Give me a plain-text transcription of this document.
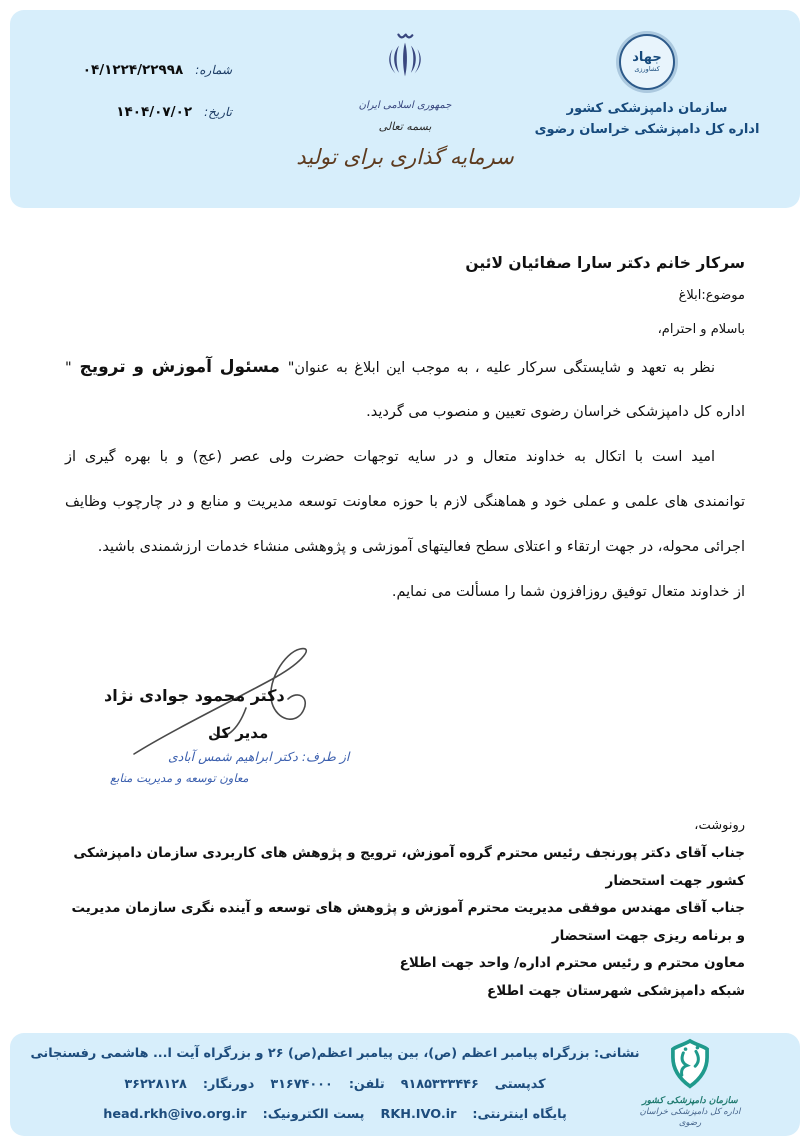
شماره:
۰۴/۱۲۲۴/۲۲۹۹۸
تاریخ:
۱۴۰۴/۰۷/۰۲	جمهوری اسلامی ایران
بسمه تعالی
سرمایه گذاری برای تولید
جهاد
کشاورزی
سازمان دامپزشکی کشور
اداره کل دامپزشکی خراسان رضوی
سرکار خانم دکتر سارا صفائیان لائین
موضوع:ابلاغ
باسلام و احترام،
نظر به تعهد و شایستگی سرکار علیه ، به موجب این ابلاغ به عنوان" مسئول آموزش و ترویج "
اداره کل دامپزشکی خراسان رضوی تعیین و منصوب می گردید.
امید است با اتکال به خداوند متعال و در سایه توجهات حضرت ولی عصر (عج) و با بهره گیری از
توانمندی های علمی و عملی خود و هماهنگی لازم با حوزه معاونت توسعه مدیریت و منابع و در چارچوب وظایف
اجرائی محوله، در جهت ارتقاء و اعتلای سطح فعالیتهای آموزشی و پژوهشی منشاء خدمات ارزشمندی باشید.
از خداوند متعال توفیق روزافزون شما را مسألت می نمایم.
دکتر محمود جوادی نژاد
مدیر کل
از طرف: دکتر ابراهیم شمس آبادی
معاون توسعه و مدیریت منابع
رونوشت،
جناب آقای دکتر پورنجف رئیس محترم گروه آموزش، ترویج و پژوهش های کاربردی سازمان دامپزشکی کشور جهت استحضار
جناب آقای مهندس موفقی مدیریت محترم آموزش و پژوهش های توسعه و آینده نگری سازمان مدیریت و برنامه ریزی جهت استحضار
معاون محترم و رئیس محترم اداره/ واحد جهت اطلاع
شبکه دامپزشکی شهرستان جهت اطلاع
سازمان دامپزشکی کشور
اداره کل دامپزشکی خراسان رضوی
نشانی: بزرگراه پیامبر اعظم (ص)، بین پیامبر اعظم(ص) ۲۶ و بزرگراه آیت ا... هاشمی رفسنجانی
کدپستی
۹۱۸۵۳۳۳۴۴۶
تلفن:
۳۱۶۷۴۰۰۰
دورنگار:
۳۶۲۲۸۱۲۸
پایگاه اینترنتی:
RKH.IVO.ir
پست الکترونیک:
head.rkh@ivo.org.ir
